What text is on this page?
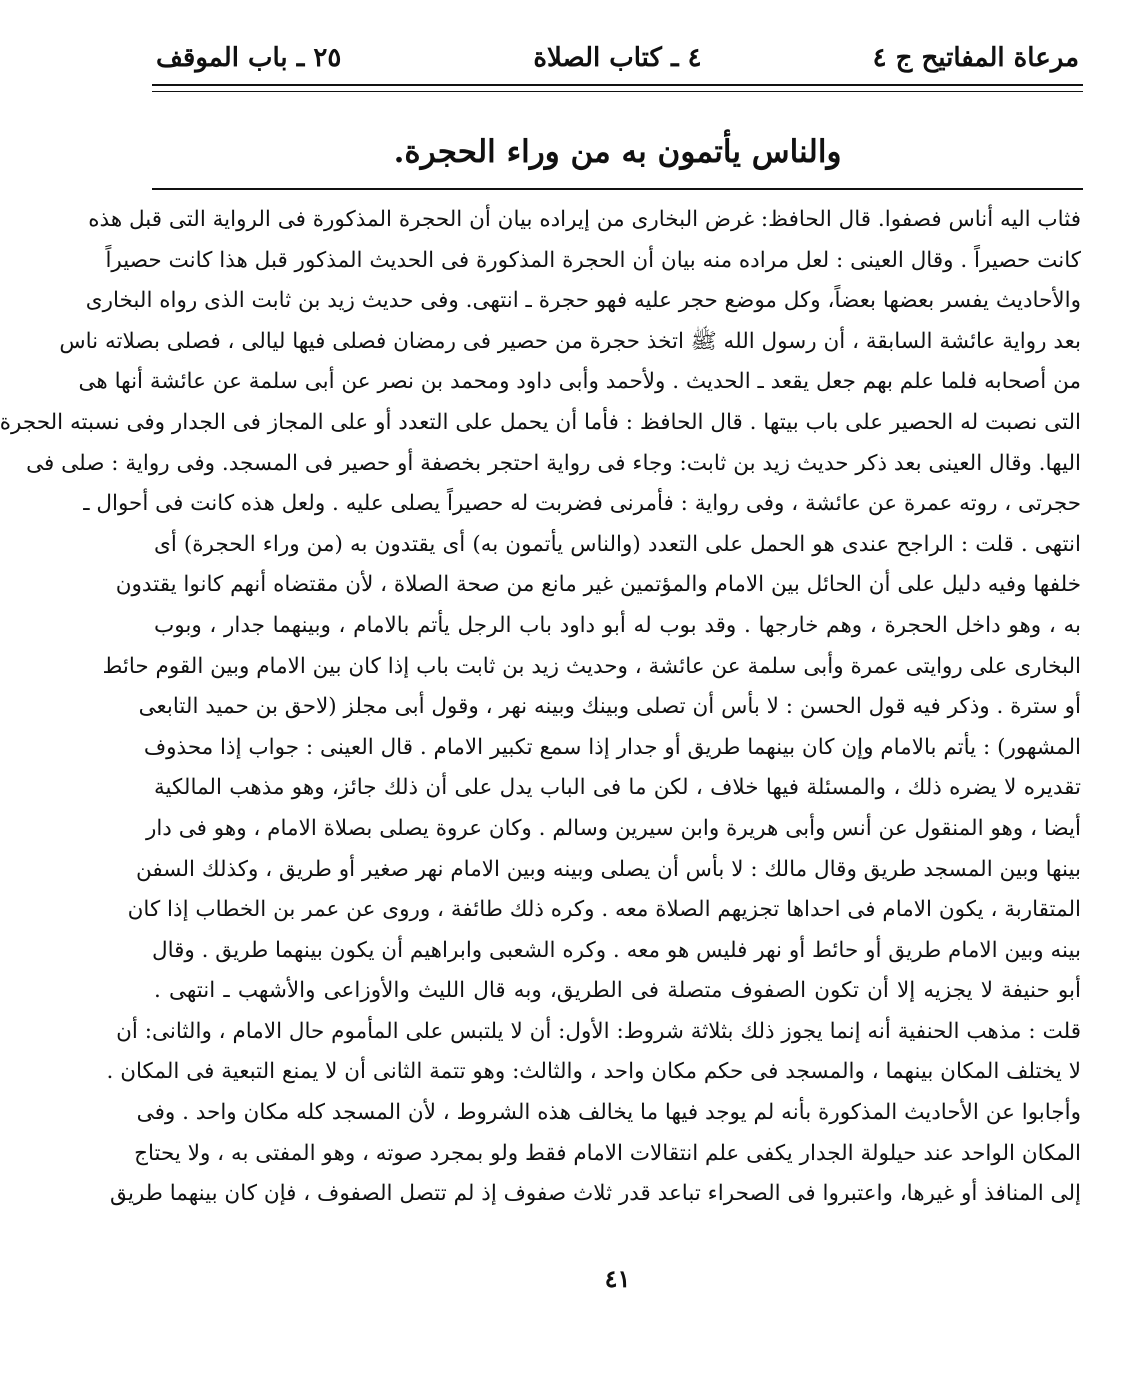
مرعاة المفاتيح ج ٤
٤ ـ كتاب الصلاة
٢٥ ـ باب الموقف
والناس يأتمون به من وراء الحجرة.
فثاب اليه أناس فصفوا. قال الحافظ: غرض البخارى من إيراده بيان أن الحجرة المذكورة فى الرواية التى قبل هذه
كانت حصيراً . وقال العينى : لعل مراده منه بيان أن الحجرة المذكورة فى الحديث المذكور قبل هذا كانت حصيراً
والأحاديث يفسر بعضها بعضاً، وكل موضع حجر عليه فهو حجرة ـ انتهى. وفى حديث زيد بن ثابت الذى رواه البخارى
بعد رواية عائشة السابقة ، أن رسول الله ﷺ اتخذ حجرة من حصير فى رمضان فصلى فيها ليالى ، فصلى بصلاته ناس
من أصحابه فلما علم بهم جعل يقعد ـ الحديث . ولأحمد وأبى داود ومحمد بن نصر عن أبى سلمة عن عائشة أنها هى
التى نصبت له الحصير على باب بيتها . قال الحافظ : فأما أن يحمل على التعدد أو على المجاز فى الجدار وفى نسبته الحجرة
اليها. وقال العينى بعد ذكر حديث زيد بن ثابت: وجاء فى رواية احتجر بخصفة أو حصير فى المسجد. وفى رواية : صلى فى
حجرتى ، روته عمرة عن عائشة ، وفى رواية : فأمرنى فضربت له حصيراً يصلى عليه . ولعل هذه كانت فى أحوال ـ
انتهى . قلت : الراجح عندى هو الحمل على التعدد (والناس يأتمون به) أى يقتدون به (من وراء الحجرة) أى
خلفها وفيه دليل على أن الحائل بين الامام والمؤتمين غير مانع من صحة الصلاة ، لأن مقتضاه أنهم كانوا يقتدون
به ، وهو داخل الحجرة ، وهم خارجها . وقد بوب له أبو داود باب الرجل يأتم بالامام ، وبينهما جدار ، وبوب
البخارى على روايتى عمرة وأبى سلمة عن عائشة ، وحديث زيد بن ثابت باب إذا كان بين الامام وبين القوم حائط
أو سترة . وذكر فيه قول الحسن : لا بأس أن تصلى وبينك وبينه نهر ، وقول أبى مجلز (لاحق بن حميد التابعى
المشهور) : يأتم بالامام وإن كان بينهما طريق أو جدار إذا سمع تكبير الامام . قال العينى : جواب إذا محذوف
تقديره لا يضره ذلك ، والمسئلة فيها خلاف ، لكن ما فى الباب يدل على أن ذلك جائز، وهو مذهب المالكية
أيضا ، وهو المنقول عن أنس وأبى هريرة وابن سيرين وسالم . وكان عروة يصلى بصلاة الامام ، وهو فى دار
بينها وبين المسجد طريق وقال مالك : لا بأس أن يصلى وبينه وبين الامام نهر صغير أو طريق ، وكذلك السفن
المتقاربة ، يكون الامام فى احداها تجزيهم الصلاة معه . وكره ذلك طائفة ، وروى عن عمر بن الخطاب إذا كان
بينه وبين الامام طريق أو حائط أو نهر فليس هو معه . وكره الشعبى وابراهيم أن يكون بينهما طريق . وقال
أبو حنيفة لا يجزيه إلا أن تكون الصفوف متصلة فى الطريق، وبه قال الليث والأوزاعى والأشهب ـ انتهى .
قلت : مذهب الحنفية أنه إنما يجوز ذلك بثلاثة شروط: الأول: أن لا يلتبس على المأموم حال الامام ، والثانى: أن
لا يختلف المكان بينهما ، والمسجد فى حكم مكان واحد ، والثالث: وهو تتمة الثانى أن لا يمنع التبعية فى المكان .
وأجابوا عن الأحاديث المذكورة بأنه لم يوجد فيها ما يخالف هذه الشروط ، لأن المسجد كله مكان واحد . وفى
المكان الواحد عند حيلولة الجدار يكفى علم انتقالات الامام فقط ولو بمجرد صوته ، وهو المفتى به ، ولا يحتاج
إلى المنافذ أو غيرها، واعتبروا فى الصحراء تباعد قدر ثلاث صفوف إذ لم تتصل الصفوف ، فإن كان بينهما طريق
٤١
